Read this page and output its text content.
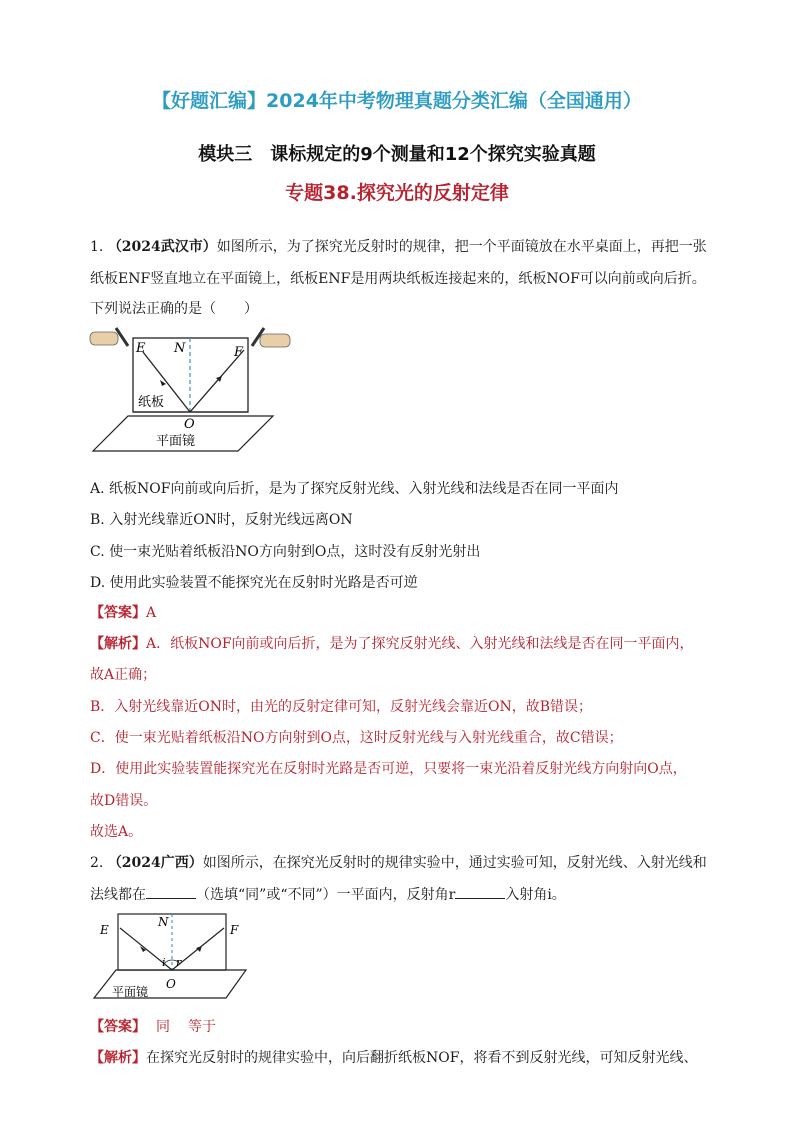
【好题汇编】2024年中考物理真题分类汇编（全国通用）
模块三　课标规定的9个测量和12个探究实验真题
专题38.探究光的反射定律
1. （2024武汉市）如图所示，为了探究光反射时的规律，把一个平面镜放在水平桌面上，再把一张
纸板ENF竖直地立在平面镜上，纸板ENF是用两块纸板连接起来的，纸板NOF可以向前或向后折。
下列说法正确的是（　　）
E N	F
O
纸板
平面镜
A. 纸板NOF向前或向后折，是为了探究反射光线、入射光线和法线是否在同一平面内
B. 入射光线靠近ON时，反射光线远离ON
C. 使一束光贴着纸板沿NO方向射到O点，这时没有反射光射出
D. 使用此实验装置不能探究光在反射时光路是否可逆
【答案】A
【解析】A．纸板NOF向前或向后折，是为了探究反射光线、入射光线和法线是否在同一平面内，
故A正确；
B．入射光线靠近ON时，由光的反射定律可知，反射光线会靠近ON，故B错误；
C．使一束光贴着纸板沿NO方向射到O点，这时反射光线与入射光线重合，故C错误；
D．使用此实验装置能探究光在反射时光路是否可逆，只要将一束光沿着反射光线方向射向O点，
故D错误。
故选A。
2. （2024广西）如图所示，在探究光反射时的规律实验中，通过实验可知，反射光线、入射光线和
法线都在	（选填“同”或“不同”）一平面内，反射角r	入射角i。
E
N
F
i r
O
平面镜
【答案】 同 等于
【解析】在探究光反射时的规律实验中，向后翻折纸板NOF，将看不到反射光线，可知反射光线、
